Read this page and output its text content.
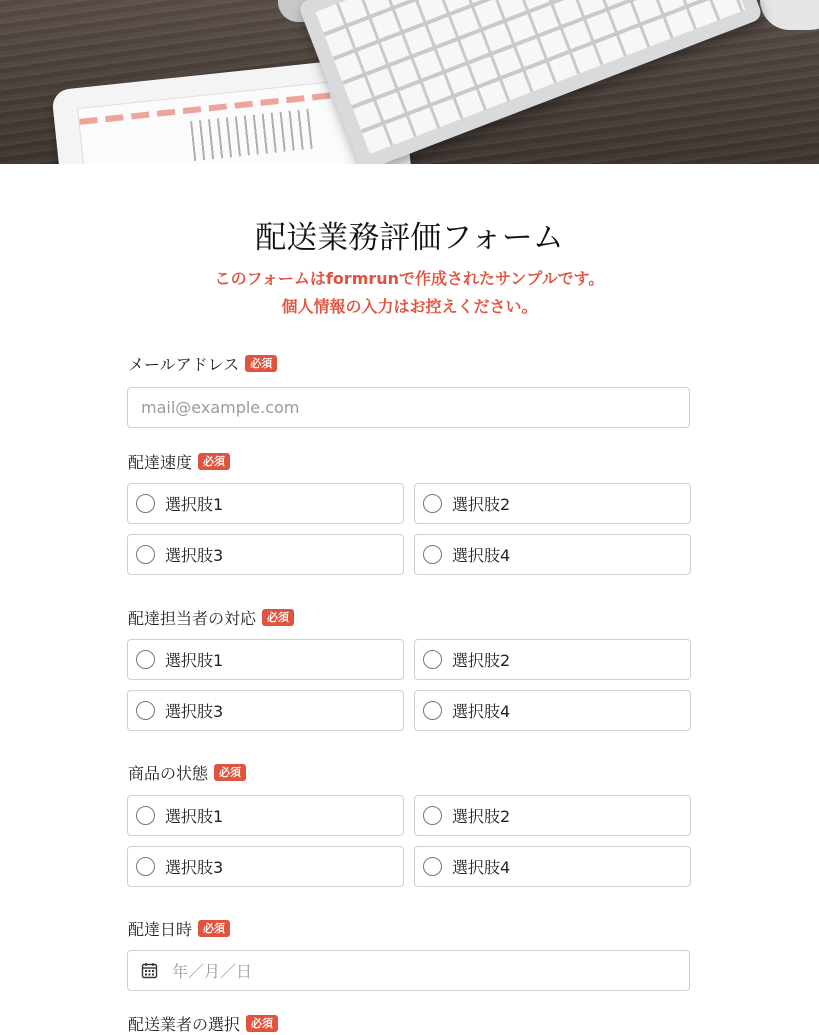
配送業務評価フォーム
このフォームはformrunで作成されたサンプルです。
個人情報の入力はお控えください。
メールアドレス	必須
mail@example.com
配達速度	必須
選択肢1	選択肢2
選択肢3	選択肢4
配達担当者の対応	必須
選択肢1	選択肢2
選択肢3	選択肢4
商品の状態	必須
選択肢1	選択肢2
選択肢3	選択肢4
配達日時	必須
年／月／日
配送業者の選択	必須
